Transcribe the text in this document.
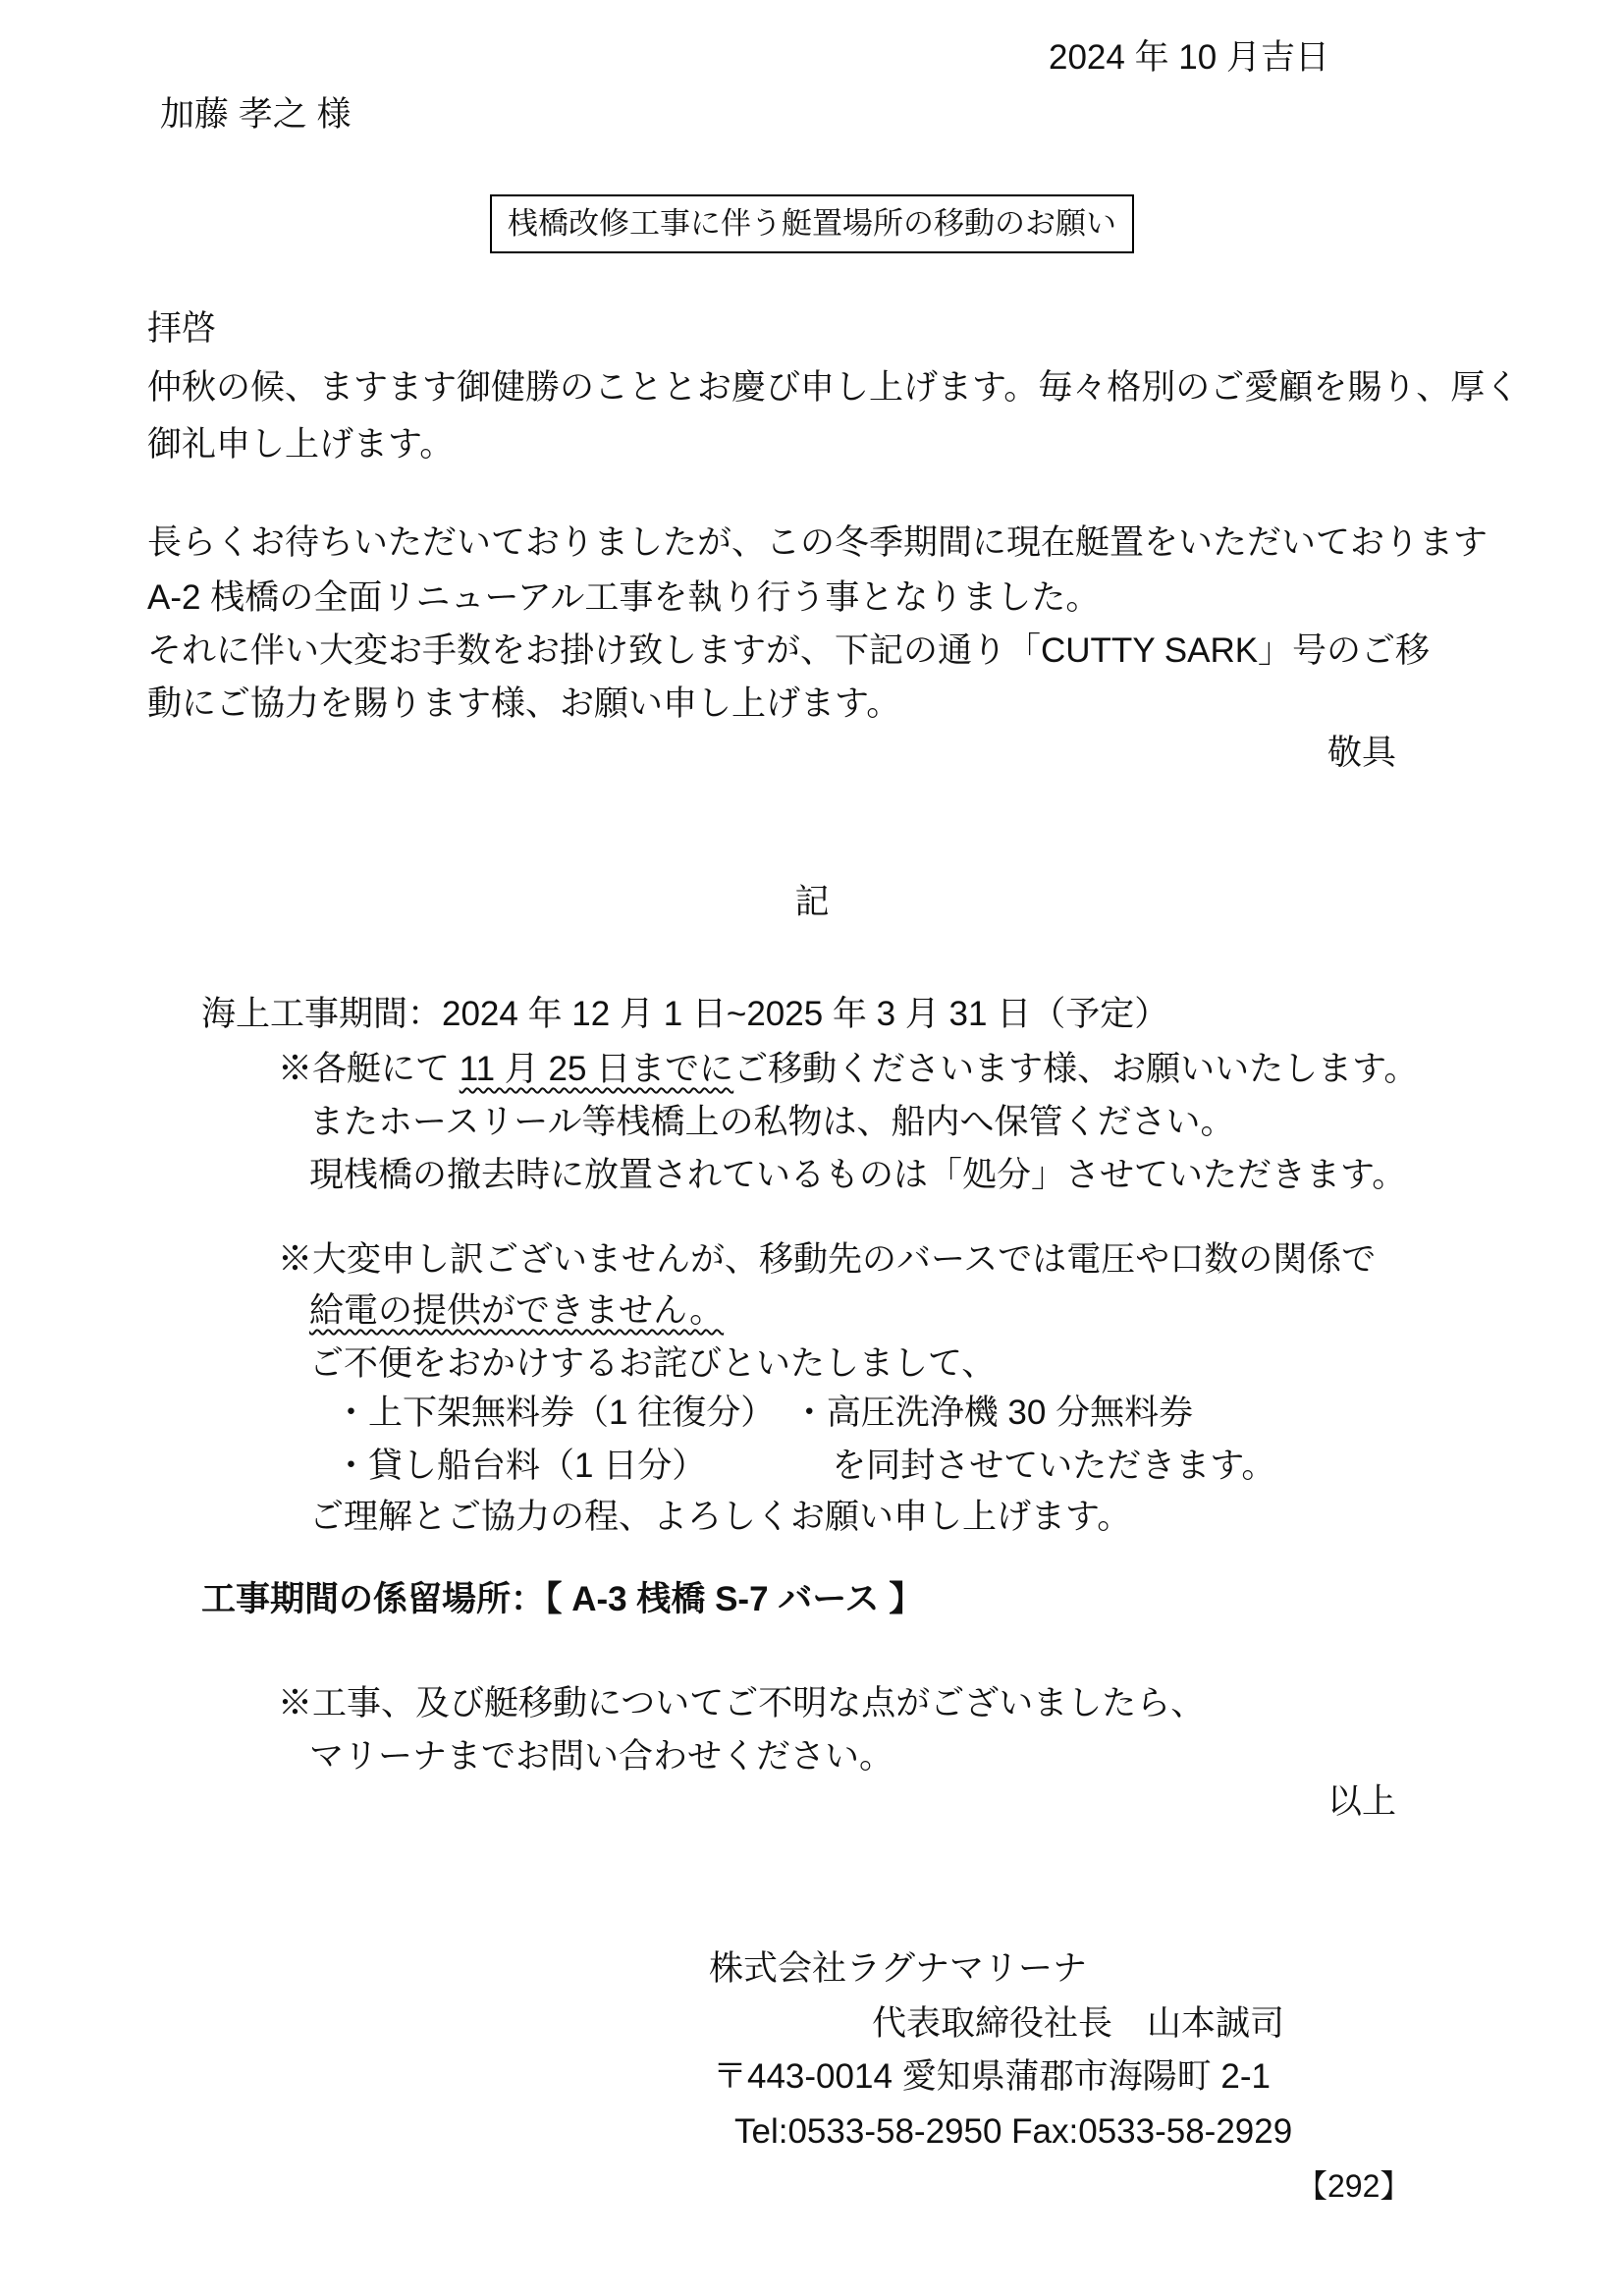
2024 年 10 月吉日
加藤 孝之 様
桟橋改修工事に伴う艇置場所の移動のお願い
拝啓
仲秋の候、ますます御健勝のこととお慶び申し上げます。毎々格別のご愛顧を賜り、厚く
御礼申し上げます。
長らくお待ちいただいておりましたが、この冬季期間に現在艇置をいただいております
A-2 桟橋の全面リニューアル工事を執り行う事となりました。
それに伴い大変お手数をお掛け致しますが、下記の通り「CUTTY SARK」号のご移
動にご協力を賜ります様、お願い申し上げます。
敬具
記
海上工事期間：2024 年 12 月 1 日~2025 年 3 月 31 日（予定）
※各艇にて 11 月 25 日までにご移動くださいます様、お願いいたします。
またホースリール等桟橋上の私物は、船内へ保管ください。
現桟橋の撤去時に放置されているものは「処分」させていただきます。
※大変申し訳ございませんが、移動先のバースでは電圧や口数の関係で
給電の提供ができません。
ご不便をおかけするお詫びといたしまして、
・上下架無料券（1 往復分）　・高圧洗浄機 30 分無料券
・貸し船台料（1 日分）	を同封させていただきます。
ご理解とご協力の程、よろしくお願い申し上げます。
工事期間の係留場所：【 A-3 桟橋 S-7 バース 】
※工事、及び艇移動についてご不明な点がございましたら、
マリーナまでお問い合わせください。
以上
株式会社ラグナマリーナ
代表取締役社長　山本誠司
〒443-0014 愛知県蒲郡市海陽町 2-1
Tel:0533-58-2950 Fax:0533-58-2929
【292】
